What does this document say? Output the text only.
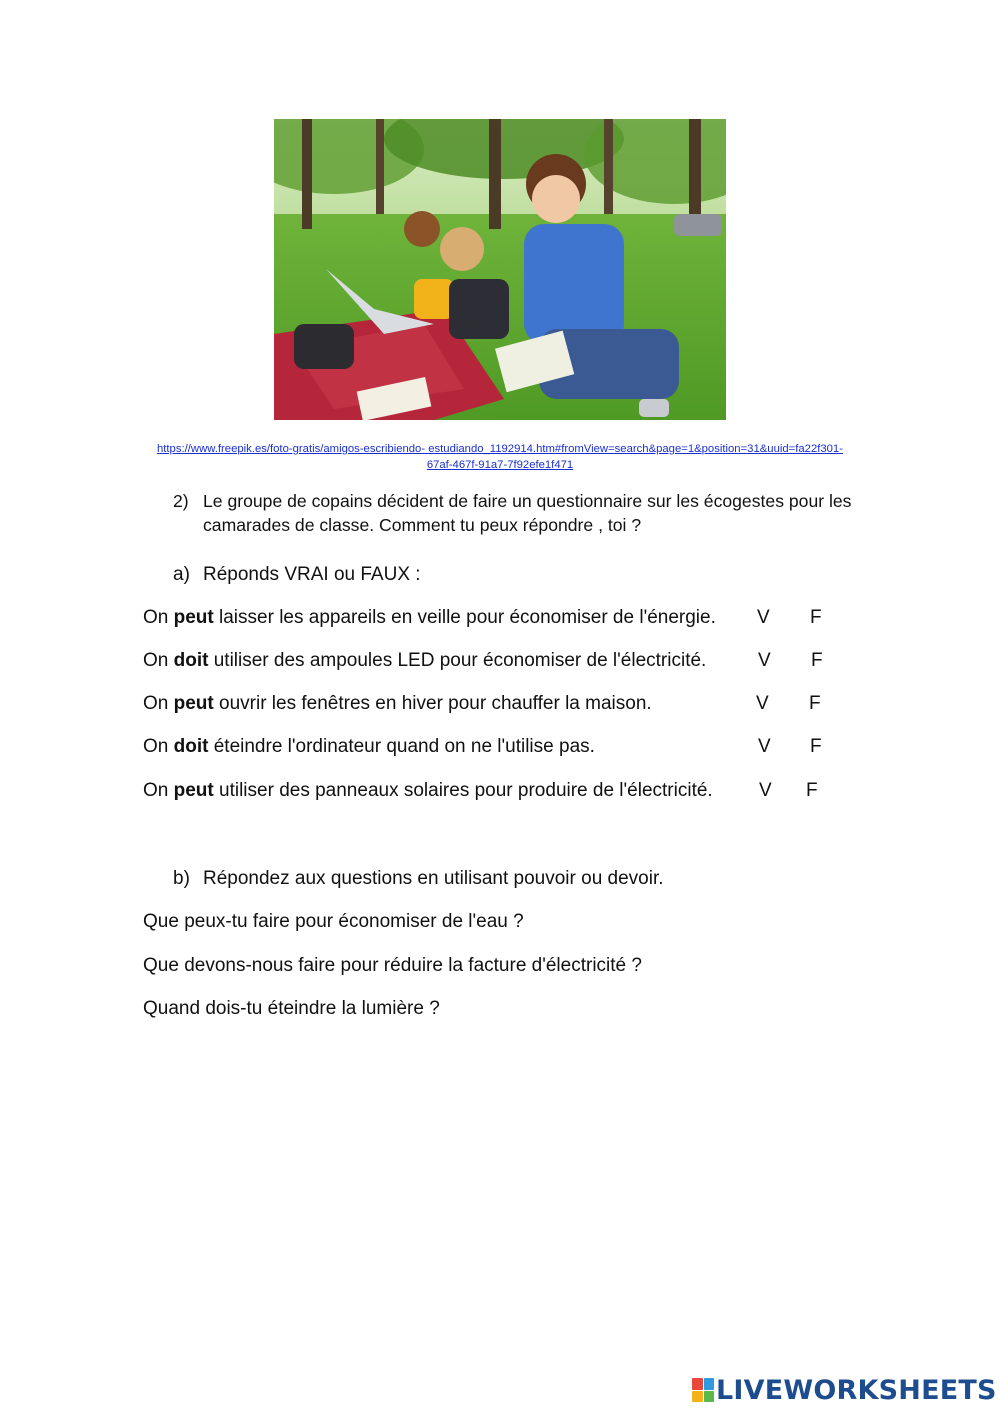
https://www.freepik.es/foto-gratis/amigos-escribiendo- estudiando_1192914.htm#fromView=search&page=1&position=31&uuid=fa22f301-
67af-467f-91a7-7f92efe1f471
2) Le groupe de copains décident de faire un questionnaire sur les écogestes pour les camarades de classe. Comment tu peux répondre , toi ?
a) Réponds VRAI ou FAUX :
On peut laisser les appareils en veille pour économiser de l'énergie. V F
On doit utiliser des ampoules LED pour économiser de l'électricité.	V F
On peut ouvrir les fenêtres en hiver pour chauffer la maison.	V F
On doit éteindre l'ordinateur quand on ne l'utilise pas.	V F
On peut utiliser des panneaux solaires pour produire de l'électricité. V F
b) Répondez aux questions en utilisant pouvoir ou devoir.
Que peux-tu faire pour économiser de l'eau ?
Que devons-nous faire pour réduire la facture d'électricité ?
Quand dois-tu éteindre la lumière ?
LIVEWORKSHEETS
